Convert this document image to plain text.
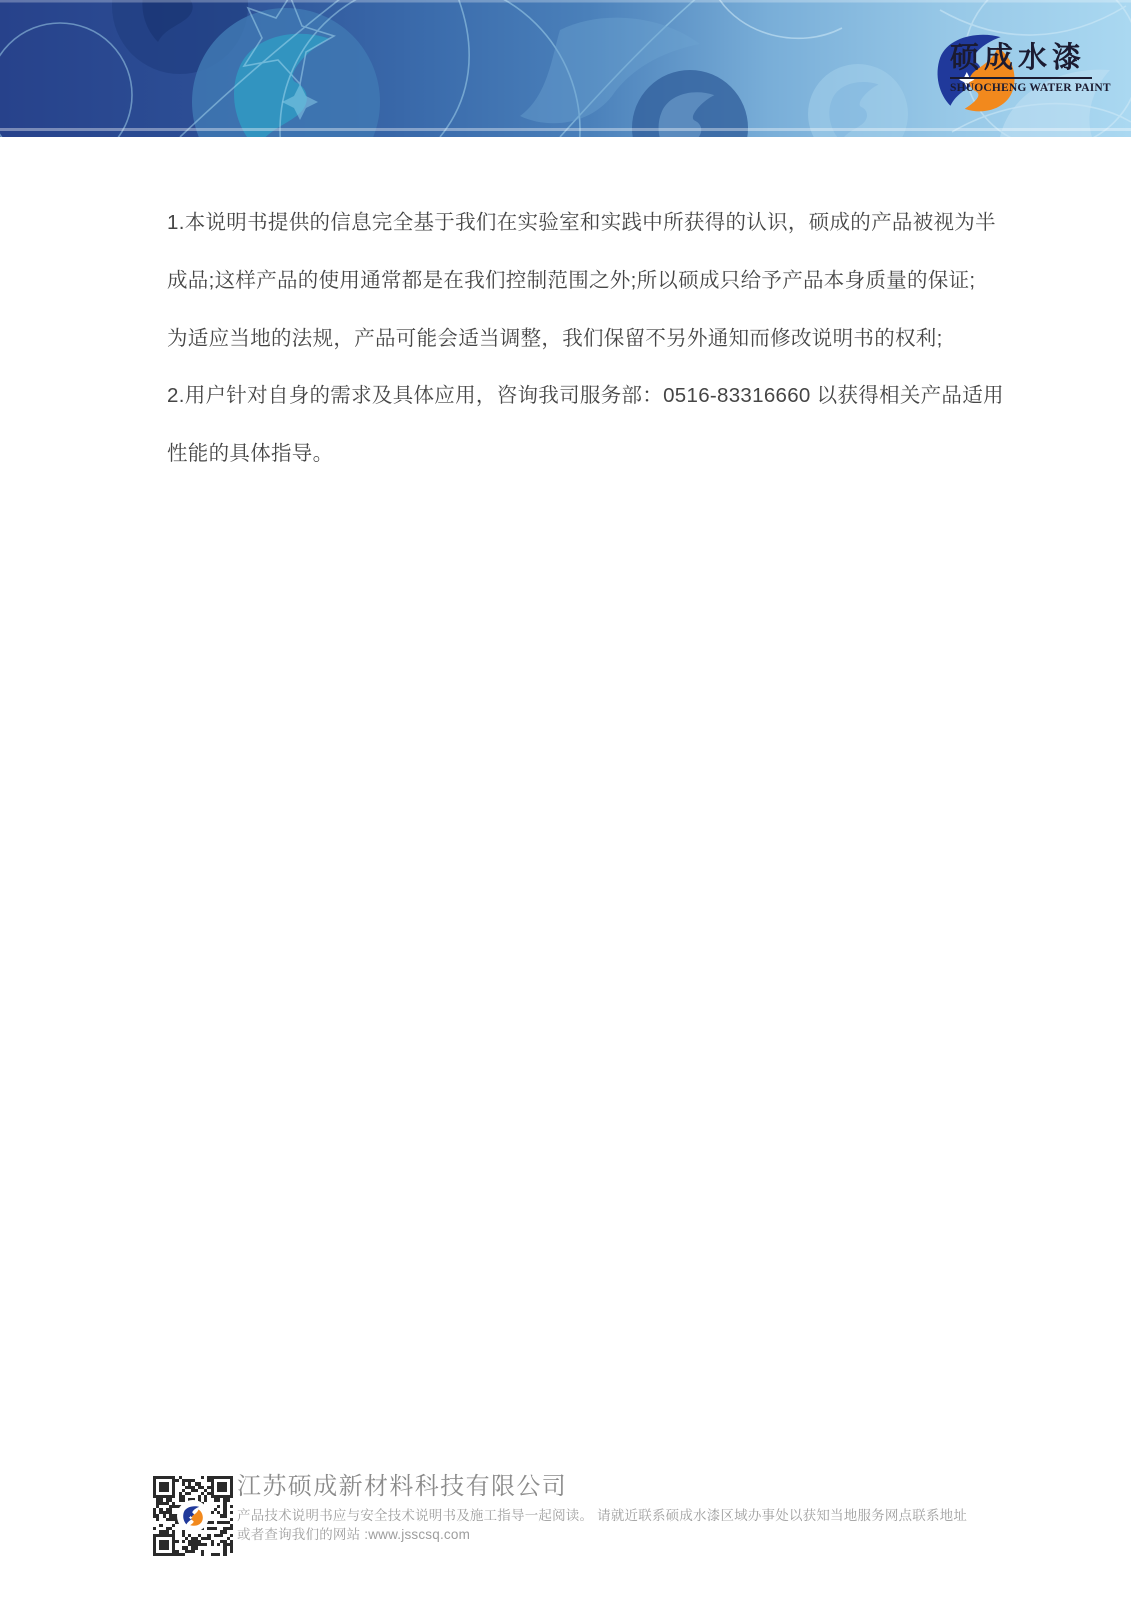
硕成水漆
SHUOCHENG WATER PAINT
1.本说明书提供的信息完全基于我们在实验室和实践中所获得的认识，硕成的产品被视为半
成品;这样产品的使用通常都是在我们控制范围之外;所以硕成只给予产品本身质量的保证;
为适应当地的法规，产品可能会适当调整，我们保留不另外通知而修改说明书的权利;
2.用户针对自身的需求及具体应用，咨询我司服务部：0516-83316660 以获得相关产品适用
性能的具体指导。
江苏硕成新材料科技有限公司
产品技术说明书应与安全技术说明书及施工指导一起阅读。 请就近联系硕成水漆区域办事处以获知当地服务网点联系地址
或者查询我们的网站 :www.jsscsq.com
